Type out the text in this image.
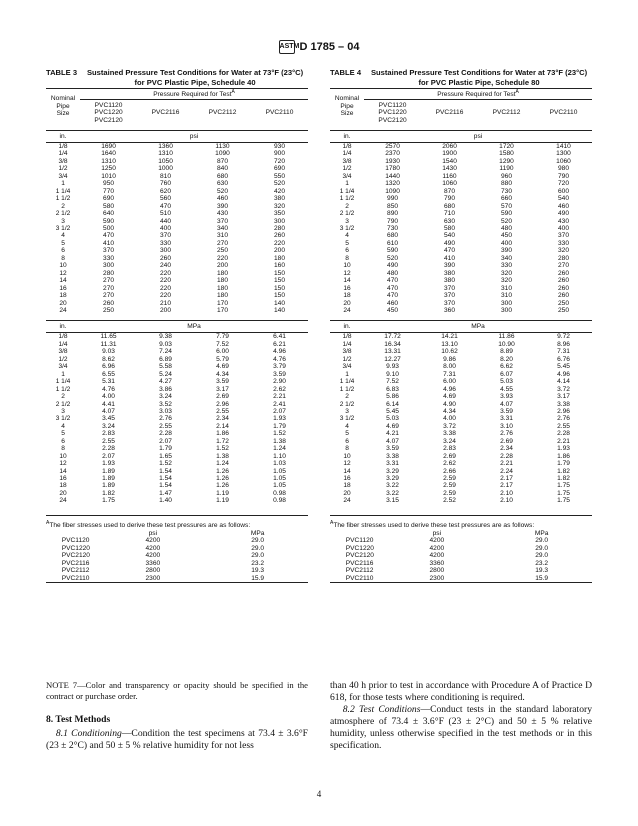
ASTMD 1785 – 04
TABLE 3	Sustained Pressure Test Conditions for Water at 73°F (23°C) for PVC Plastic Pipe, Schedule 40
Nominal
Pipe
Size	Pressure Required for Test$^A$

	PVC1120
PVC1220
PVC2120	PVC2116	PVC2112	PVC2110

in.	psi			
1/8	1690	1360	1130	930
1/4	1640	1310	1090	900
3/8	1310	1050	870	720
1/2	1250	1000	840	690
3/4	1010	810	680	550
1	950	760	630	520
1 1/4	770	620	520	420
1 1/2	690	560	460	380
2	580	470	390	320
2 1/2	640	510	430	350
3	590	440	370	300
3 1/2	500	400	340	280
4	470	370	310	260
5	410	330	270	220
6	370	300	250	200
8	330	260	220	180
10	300	240	200	160
12	280	220	180	150
14	270	220	180	150
16	270	220	180	150
18	270	220	180	150
20	260	210	170	140
24	250	200	170	140

in.	MPa			
1/8	11.65	9.38	7.79	6.41
1/4	11.31	9.03	7.52	6.21
3/8	9.03	7.24	6.00	4.96
1/2	8.62	6.89	5.79	4.76
3/4	6.96	5.58	4.69	3.79
1	6.55	5.24	4.34	3.59
1 1/4	5.31	4.27	3.59	2.90
1 1/2	4.76	3.86	3.17	2.62
2	4.00	3.24	2.69	2.21
2 1/2	4.41	3.52	2.96	2.41
3	4.07	3.03	2.55	2.07
3 1/2	3.45	2.76	2.34	1.93
4	3.24	2.55	2.14	1.79
5	2.83	2.28	1.86	1.52
6	2.55	2.07	1.72	1.38
8	2.28	1.79	1.52	1.24
10	2.07	1.65	1.38	1.10
12	1.93	1.52	1.24	1.03
14	1.89	1.54	1.26	1.05
16	1.89	1.54	1.26	1.05
18	1.89	1.54	1.26	1.05
20	1.82	1.47	1.19	0.98
24	1.75	1.40	1.19	0.98

$^A$The fiber stresses used to derive these test pressures are as follows:
	psi	MPa
PVC1120	4200	29.0
PVC1220	4200	29.0
PVC2120	4200	29.0
PVC2116	3360	23.2
PVC2112	2800	19.3
PVC2110	2300	15.9

TABLE 4	Sustained Pressure Test Conditions for Water at 73°F (23°C) for PVC Plastic Pipe, Schedule 80
Nominal
Pipe
Size	Pressure Required for Test$^A$

	PVC1120
PVC1220
PVC2120	PVC2116	PVC2112	PVC2110

in.	psi			
1/8	2570	2060	1720	1410
1/4	2370	1900	1580	1300
3/8	1930	1540	1290	1060
1/2	1780	1430	1190	980
3/4	1440	1160	960	790
1	1320	1060	880	720
1 1/4	1090	870	730	600
1 1/2	990	790	660	540
2	850	680	570	460
2 1/2	890	710	590	490
3	790	630	520	430
3 1/2	730	580	480	400
4	680	540	450	370
5	610	490	400	330
6	590	470	390	320
8	520	410	340	280
10	490	390	330	270
12	480	380	320	260
14	470	380	320	260
16	470	370	310	260
18	470	370	310	260
20	460	370	300	250
24	450	360	300	250

in.	MPa			
1/8	17.72	14.21	11.86	9.72
1/4	16.34	13.10	10.90	8.96
3/8	13.31	10.62	8.89	7.31
1/2	12.27	9.86	8.20	6.76
3/4	9.93	8.00	6.62	5.45
1	9.10	7.31	6.07	4.96
1 1/4	7.52	6.00	5.03	4.14
1 1/2	6.83	4.96	4.55	3.72
2	5.86	4.69	3.93	3.17
2 1/2	6.14	4.90	4.07	3.38
3	5.45	4.34	3.59	2.96
3 1/2	5.03	4.00	3.31	2.76
4	4.69	3.72	3.10	2.55
5	4.21	3.38	2.76	2.28
6	4.07	3.24	2.69	2.21
8	3.59	2.83	2.34	1.93
10	3.38	2.69	2.28	1.86
12	3.31	2.62	2.21	1.79
14	3.29	2.66	2.24	1.82
16	3.29	2.59	2.17	1.82
18	3.22	2.59	2.17	1.75
20	3.22	2.59	2.10	1.75
24	3.15	2.52	2.10	1.75

$^A$The fiber stresses used to derive these test pressures are as follows:
	psi	MPa
PVC1120	4200	29.0
PVC1220	4200	29.0
PVC2120	4200	29.0
PVC2116	3360	23.2
PVC2112	2800	19.3
PVC2110	2300	15.9

NOTE 7—Color and transparency or opacity should be specified in the contract or purchase order.
8. Test Methods
8.1 Conditioning—Condition the test specimens at 73.4 ± 3.6°F (23 ± 2°C) and 50 ± 5 % relative humidity for not less
than 40 h prior to test in accordance with Procedure A of Practice D 618, for those tests where conditioning is required.
8.2 Test Conditions—Conduct tests in the standard laboratory atmosphere of 73.4 ± 3.6°F (23 ± 2°C) and 50 ± 5 % relative humidity, unless otherwise specified in the test methods or in this specification.
4
